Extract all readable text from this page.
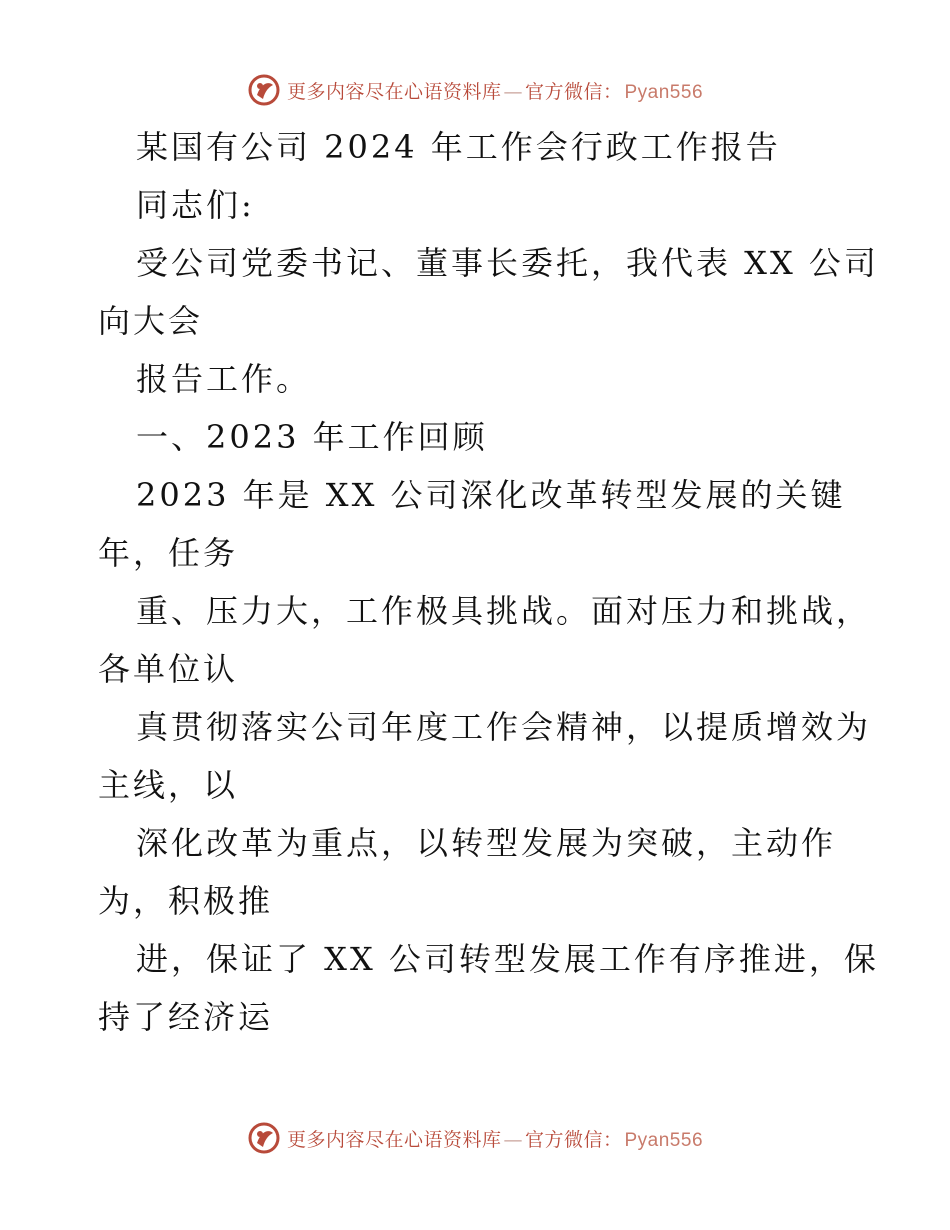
更多内容尽在心语资料库 — 官方微信： Pyan556
某国有公司 2024 年工作会行政工作报告
同志们:
受公司党委书记、董事长委托，我代表 XX 公司
向大会
报告工作。
一、2023 年工作回顾
2023 年是 XX 公司深化改革转型发展的关键
年，任务
重、压力大，工作极具挑战。面对压力和挑战，
各单位认
真贯彻落实公司年度工作会精神，以提质增效为
主线，以
深化改革为重点，以转型发展为突破，主动作
为，积极推
进，保证了 XX 公司转型发展工作有序推进，保
持了经济运
更多内容尽在心语资料库 — 官方微信： Pyan556
